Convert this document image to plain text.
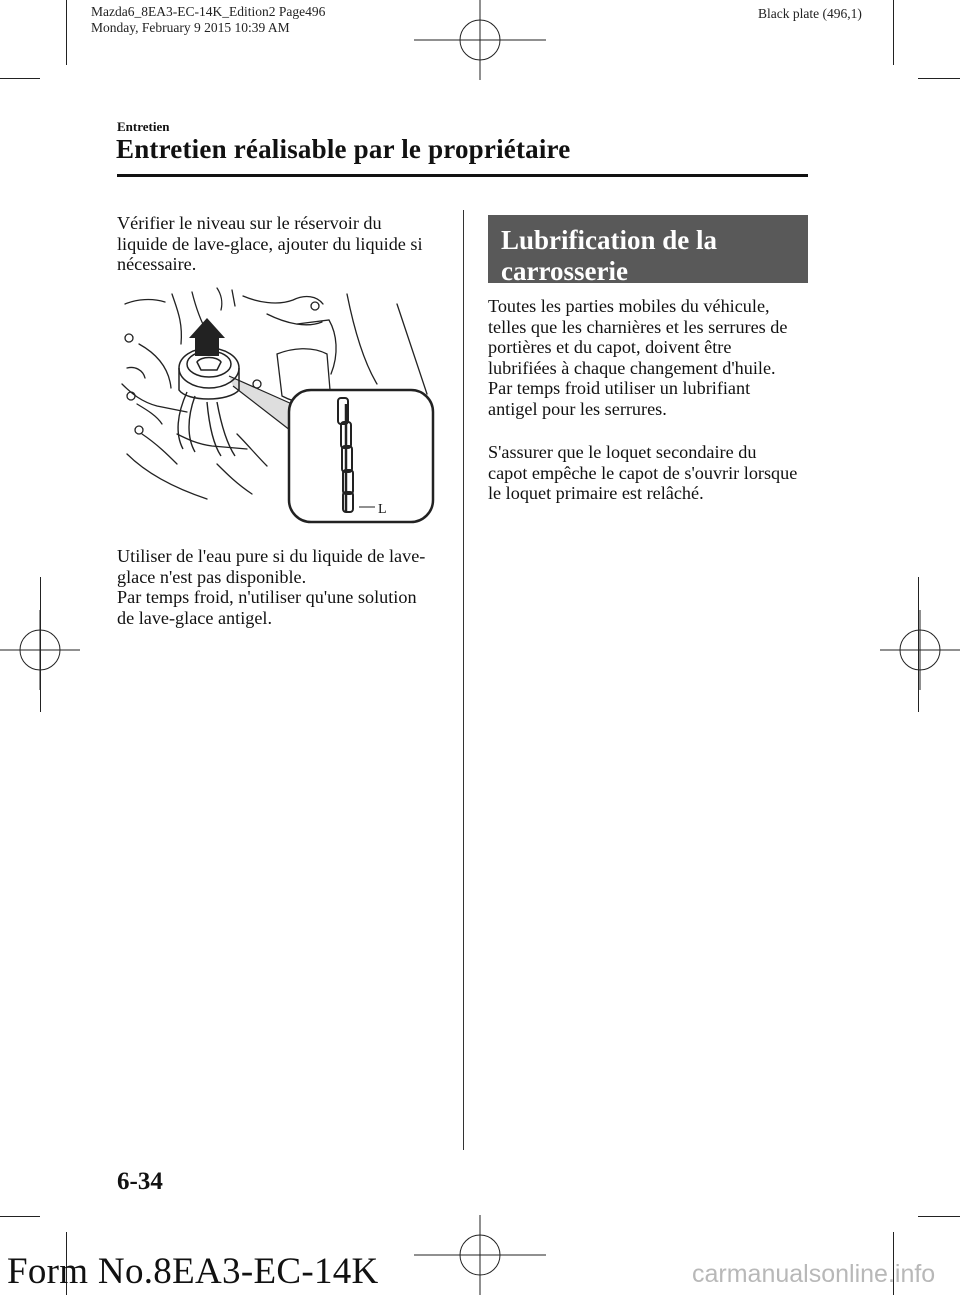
Mazda6_8EA3-EC-14K_Edition2 Page496
Monday, February 9 2015 10:39 AM
Black plate (496,1)
Entretien
Entretien réalisable par le propriétaire
Vérifier le niveau sur le réservoir du
liquide de lave-glace, ajouter du liquide si
nécessaire.
L
Utiliser de l'eau pure si du liquide de lave-
glace n'est pas disponible.
Par temps froid, n'utiliser qu'une solution
de lave-glace antigel.
Lubrification de la
carrosserie
Toutes les parties mobiles du véhicule,
telles que les charnières et les serrures de
portières et du capot, doivent être
lubrifiées à chaque changement d'huile.
Par temps froid utiliser un lubrifiant
antigel pour les serrures.
S'assurer que le loquet secondaire du
capot empêche le capot de s'ouvrir lorsque
le loquet primaire est relâché.
6-34
Form No.8EA3-EC-14K	carmanualsonline.info
